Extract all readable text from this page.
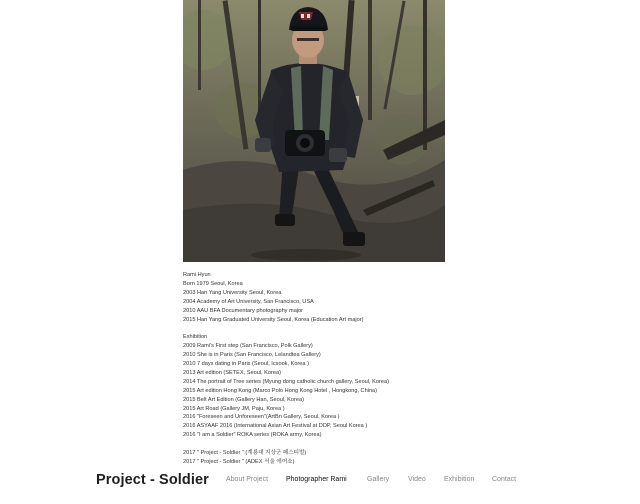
Rami Hyun
Born 1979 Seoul, Korea
2003 Han Yang University Seoul, Korea
2004 Academy of Art University, San Francisco, USA
2010 AAU BFA Documentary photography major
2015 Han Yang Graduated University Seoul, Korea (Education Art major)
Exhibition
2009 Rami's First step (San Francisco, Polk Gallery)
2010 She is in Paris (San Francisco, Lelandtea Gallery)
2010 7 days dating in Paris (Seoul, Icsook, Korea )
2013 Art edition (SETEX, Seoul, Korea)
2014 The portrait of Tree series (Myung dong catholic church gallery, Seoul, Korea)
2015 Art edition Hong Kong (Marco Polo Hong Kong Hotel , Hongkong, China)
2015 Belt Art Edition (Gallery Han, Seoul, Korea)
2015 Art Road (Gallery JM, Paju, Korea )
2016 "Foreseen and Unforeseen"(ArtBn Gallery, Seoul, Korea )
2016 ASYAAF 2016 (International Asian Art Festival at DDP, Seoul Korea )
2016 "I am a Soldier" ROKA series (ROKA army, Korea)
2017 " Project - Soldier " (계룡대 지상군 페스티벌)
2017 " Project - Soldier " (ADEX 서울 에어쇼)
Project - Soldier About Project	Photographer Rami	Gallery	Video	Exhibition	Contact
